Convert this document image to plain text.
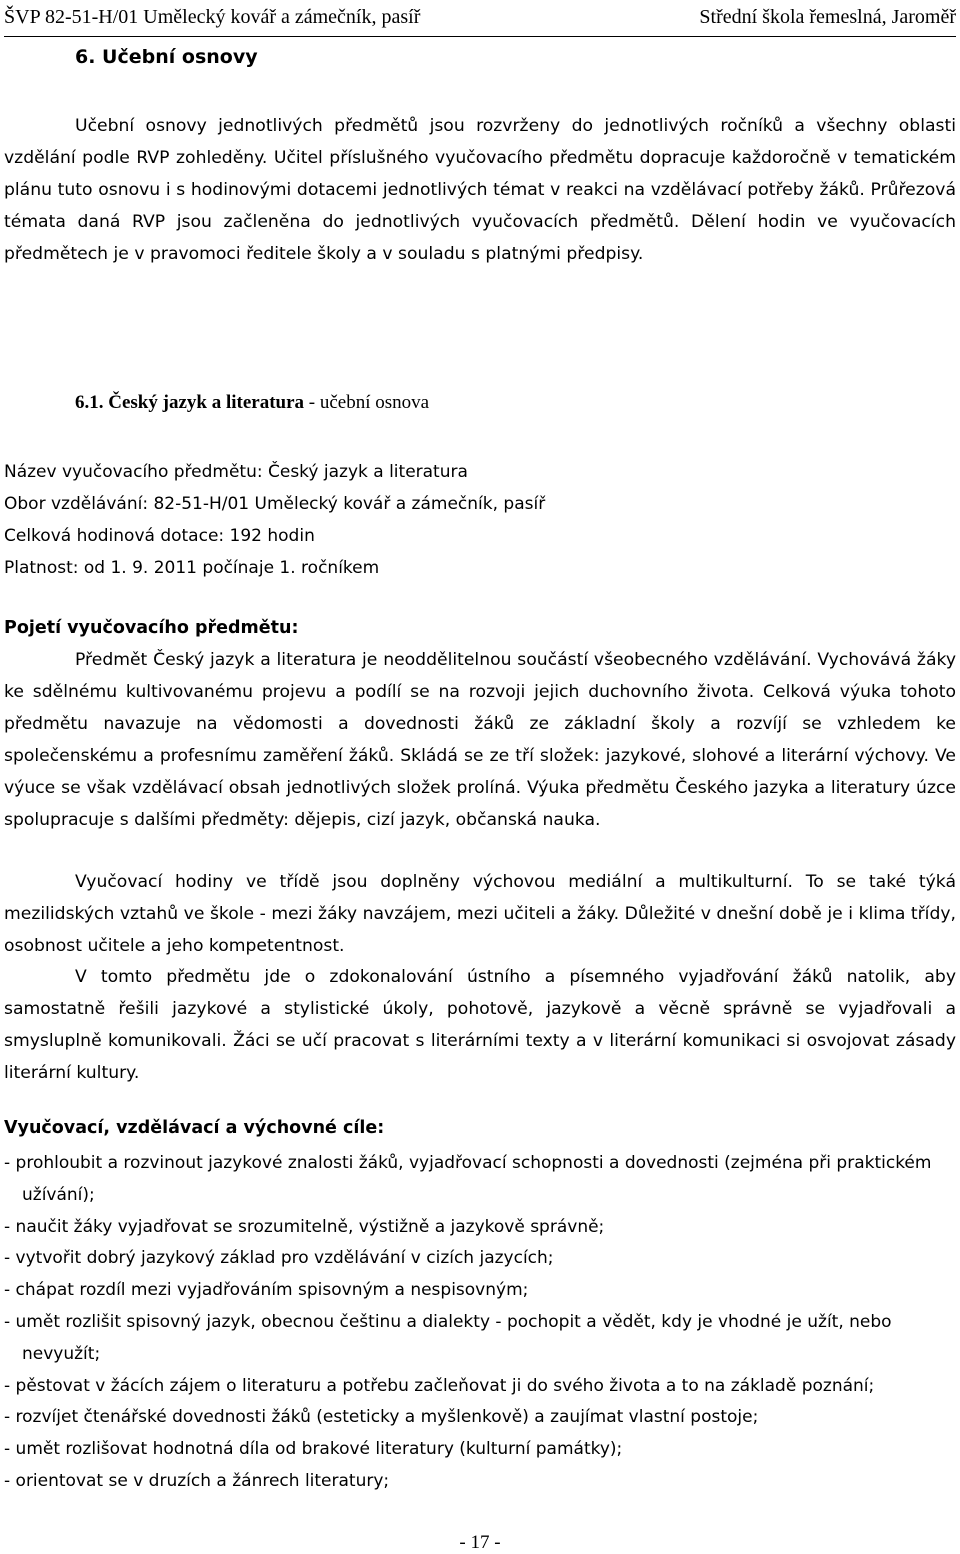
ŠVP 82-51-H/01 Umělecký kovář a zámečník, pasíř	Střední škola řemeslná, Jaroměř
6. Učební osnovy
Učební osnovy jednotlivých předmětů jsou rozvrženy do jednotlivých ročníků a všechny oblasti vzdělání podle RVP zohleděny. Učitel příslušného vyučovacího předmětu dopracuje každoročně v tematickém plánu tuto osnovu i s hodinovými dotacemi jednotlivých témat v reakci na vzdělávací potřeby žáků. Průřezová témata daná RVP jsou začleněna do jednotlivých vyučovacích předmětů. Dělení hodin ve vyučovacích předmětech je v pravomoci ředitele školy a v souladu s platnými předpisy.
6.1. Český jazyk a literatura - učební osnova
Název vyučovacího předmětu: Český jazyk a literatura
Obor vzdělávání: 82-51-H/01 Umělecký kovář a zámečník, pasíř
Celková hodinová dotace: 192 hodin
Platnost: od 1. 9. 2011 počínaje 1. ročníkem
Pojetí vyučovacího předmětu:
Předmět Český jazyk a literatura je neoddělitelnou součástí všeobecného vzdělávání. Vychovává žáky ke sdělnému kultivovanému projevu a podílí se na rozvoji jejich duchovního života. Celková výuka tohoto předmětu navazuje na vědomosti a dovednosti žáků ze základní školy a rozvíjí se vzhledem ke společenskému a profesnímu zaměření žáků. Skládá se ze tří složek: jazykové, slohové a literární výchovy. Ve výuce se však vzdělávací obsah jednotlivých složek prolíná. Výuka předmětu Českého jazyka a literatury úzce spolupracuje s dalšími předměty: dějepis, cizí jazyk, občanská nauka.
Vyučovací hodiny ve třídě jsou doplněny výchovou mediální a multikulturní. To se také týká mezilidských vztahů ve škole - mezi žáky navzájem, mezi učiteli a žáky. Důležité v dnešní době je i klima třídy, osobnost učitele a jeho kompetentnost.
V tomto předmětu jde o zdokonalování ústního a písemného vyjadřování žáků natolik, aby samostatně řešili jazykové a stylistické úkoly, pohotově, jazykově a věcně správně se vyjadřovali a smysluplně komunikovali. Žáci se učí pracovat s literárními texty a v literární komunikaci si osvojovat zásady literární kultury.
Vyučovací, vzdělávací a výchovné cíle:
- prohloubit a rozvinout jazykové znalosti žáků, vyjadřovací schopnosti a dovednosti (zejména při praktickém užívání);
- naučit žáky vyjadřovat se srozumitelně, výstižně a jazykově správně;
- vytvořit dobrý jazykový základ pro vzdělávání v cizích jazycích;
- chápat rozdíl mezi vyjadřováním spisovným a nespisovným;
- umět rozlišit spisovný jazyk, obecnou češtinu a dialekty - pochopit a vědět, kdy je vhodné je užít, nebo nevyužít;
- pěstovat v žácích zájem o literaturu a potřebu začleňovat ji do svého života a to na základě poznání;
- rozvíjet čtenářské dovednosti žáků (esteticky a myšlenkově) a zaujímat vlastní postoje;
- umět rozlišovat hodnotná díla od brakové literatury (kulturní památky);
- orientovat se v druzích a žánrech literatury;
- 17 -
